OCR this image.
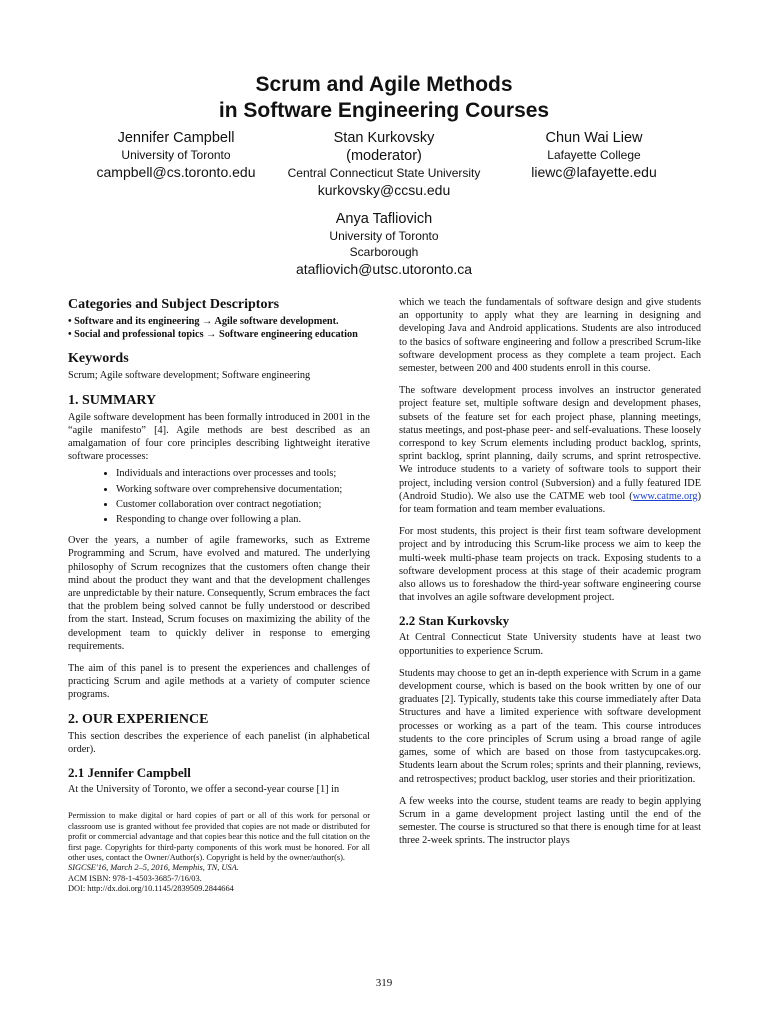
Scrum and Agile Methods
in Software Engineering Courses
Jennifer Campbell
University of Toronto
campbell@cs.toronto.edu
Stan Kurkovsky
(moderator)
Central Connecticut State University
kurkovsky@ccsu.edu
Chun Wai Liew
Lafayette College
liewc@lafayette.edu
Anya Tafliovich
University of Toronto
Scarborough
atafliovich@utsc.utoronto.ca
Categories and Subject Descriptors
• Software and its engineering → Agile software development.
• Social and professional topics → Software engineering education
Keywords

Scrum; Agile software development; Software engineering

1. SUMMARY

Agile software development has been formally introduced in 2001 in the “agile manifesto” [4]. Agile methods are best described as an amalgamation of four core principles describing lightweight iterative software processes:

• Individuals and interactions over processes and tools;
• Working software over comprehensive documentation;
• Customer collaboration over contract negotiation;
• Responding to change over following a plan.

Over the years, a number of agile frameworks, such as Extreme Programming and Scrum, have evolved and matured. The underlying philosophy of Scrum recognizes that the customers often change their mind about the product they want and that the development challenges are unpredictable by their nature. Consequently, Scrum embraces the fact that the problem being solved cannot be fully understood or described from the start. Instead, Scrum focuses on maximizing the ability of the development team to quickly deliver in response to emerging requirements.

The aim of this panel is to present the experiences and challenges of practicing Scrum and agile methods at a variety of computer science programs.

2. OUR EXPERIENCE

This section describes the experience of each panelist (in alphabetical order).

2.1 Jennifer Campbell

At the University of Toronto, we offer a second-year course [1] in

Permission to make digital or hard copies of part or all of this work for personal or classroom use is granted without fee provided that copies are not made or distributed for profit or commercial advantage and that copies bear this notice and the full citation on the first page. Copyrights for third-party components of this work must be honored. For all other uses, contact the Owner/Author(s). Copyright is held by the owner/author(s).
SIGCSE'16, March 2–5, 2016, Memphis, TN, USA.
ACM ISBN: 978-1-4503-3685-7/16/03.
DOI: http://dx.doi.org/10.1145/2839509.2844664

which we teach the fundamentals of software design and give students an opportunity to apply what they are learning in designing and developing Java and Android applications. Students are also introduced to the basics of software engineering and follow a prescribed Scrum-like software development process as they complete a team project. Each semester, between 200 and 400 students enroll in this course.

The software development process involves an instructor generated project feature set, multiple software design and development phases, subsets of the feature set for each project phase, planning meetings, status meetings, and post-phase peer- and self-evaluations. These loosely correspond to key Scrum elements including product backlog, sprints, sprint backlog, sprint planning, daily scrums, and sprint retrospective. We introduce students to a variety of software tools to support their project, including version control (Subversion) and a fully featured IDE (Android Studio). We also use the CATME web tool (www.catme.org) for team formation and team member evaluations.

For most students, this project is their first team software development project and by introducing this Scrum-like process we aim to keep the multi-week multi-phase team projects on track. Exposing students to a software development process at this stage of their academic program also allows us to foreshadow the third-year software engineering course that involves an agile software development project.

2.2 Stan Kurkovsky

At Central Connecticut State University students have at least two opportunities to experience Scrum.

Students may choose to get an in-depth experience with Scrum in a game development course, which is based on the book written by one of our graduates [2]. Typically, students take this course immediately after Data Structures and have a limited experience with software development processes or working as a part of the team. This course introduces students to the core principles of Scrum using a broad range of agile games, some of which are based on those from tastycupcakes.org. Students learn about the Scrum roles; sprints and their planning, reviews, and retrospectives; product backlog, user stories and their prioritization.

A few weeks into the course, student teams are ready to begin applying Scrum in a game development project lasting until the end of the semester. The course is structured so that there is enough time for at least three 2-week sprints. The instructor plays

319
